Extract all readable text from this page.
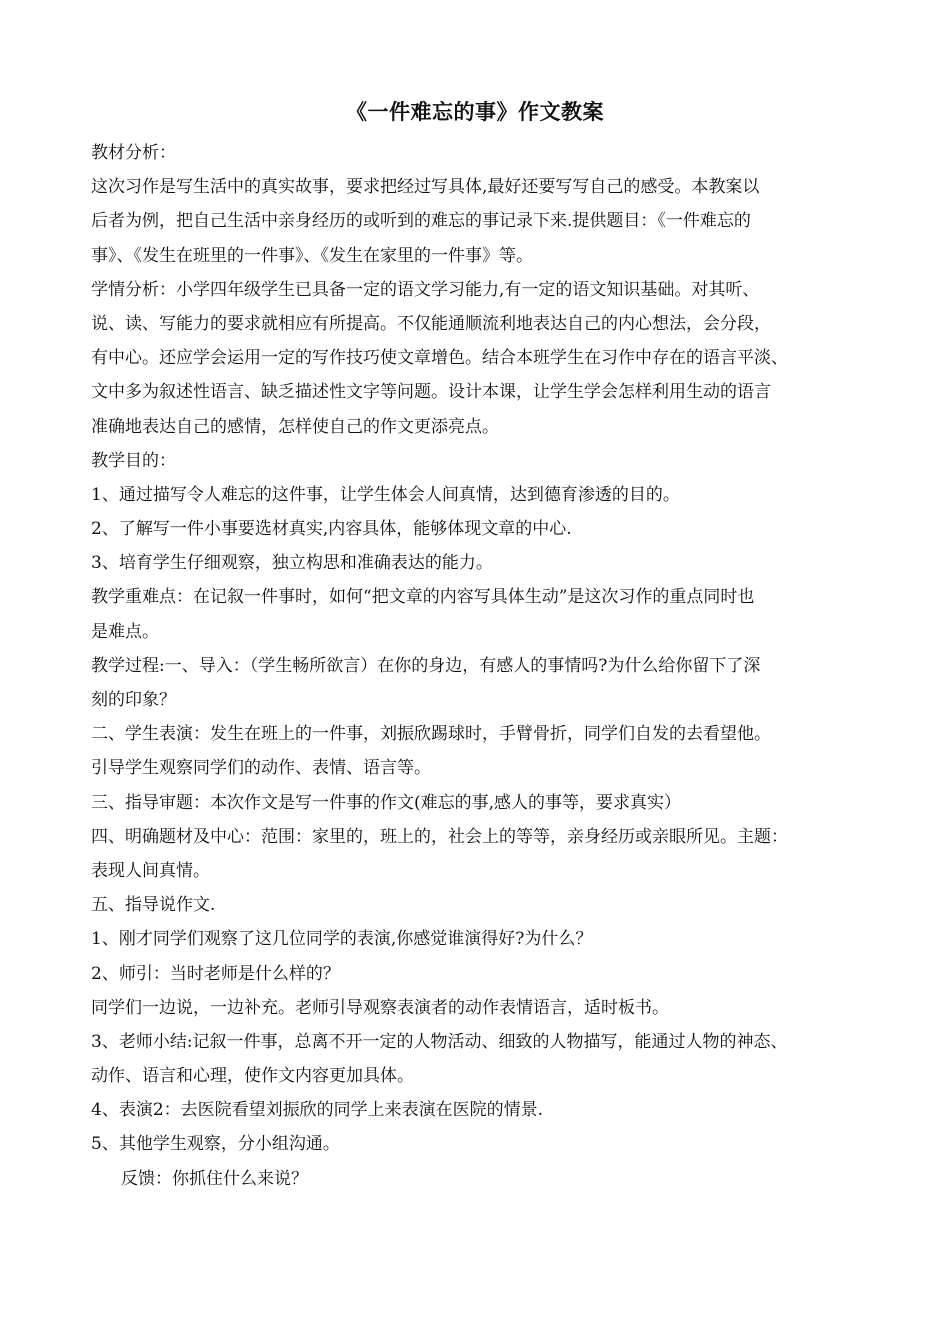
《一件难忘的事》作文教案
教材分析：
这次习作是写生活中的真实故事，要求把经过写具体,最好还要写写自己的感受。本教案以
后者为例，把自己生活中亲身经历的或听到的难忘的事记录下来.提供题目：《一件难忘的
事》、《发生在班里的一件事》、《发生在家里的一件事》等。
学情分析：小学四年级学生已具备一定的语文学习能力,有一定的语文知识基础。对其听、
说、读、写能力的要求就相应有所提高。不仅能通顺流利地表达自己的内心想法，会分段，
有中心。还应学会运用一定的写作技巧使文章增色。结合本班学生在习作中存在的语言平淡、
文中多为叙述性语言、缺乏描述性文字等问题。设计本课，让学生学会怎样利用生动的语言
准确地表达自己的感情，怎样使自己的作文更添亮点。
教学目的：
1、通过描写令人难忘的这件事，让学生体会人间真情，达到德育渗透的目的。
2、了解写一件小事要选材真实,内容具体，能够体现文章的中心.
3、培育学生仔细观察，独立构思和准确表达的能力。
教学重难点：在记叙一件事时，如何“把文章的内容写具体生动”是这次习作的重点同时也
是难点。
教学过程:一、导入：（学生畅所欲言）在你的身边，有感人的事情吗?为什么给你留下了深
刻的印象？
二、学生表演：发生在班上的一件事，刘振欣踢球时，手臂骨折，同学们自发的去看望他。
引导学生观察同学们的动作、表情、语言等。
三、指导审题：本次作文是写一件事的作文(难忘的事,感人的事等，要求真实）
四、明确题材及中心：范围：家里的，班上的，社会上的等等，亲身经历或亲眼所见。主题：
表现人间真情。
五、指导说作文.
1、刚才同学们观察了这几位同学的表演,你感觉谁演得好?为什么？
2、师引：当时老师是什么样的？
同学们一边说，一边补充。老师引导观察表演者的动作表情语言，适时板书。
3、老师小结:记叙一件事，总离不开一定的人物活动、细致的人物描写，能通过人物的神态、
动作、语言和心理，使作文内容更加具体。
4、表演2：去医院看望刘振欣的同学上来表演在医院的情景.
5、其他学生观察，分小组沟通。
反馈：你抓住什么来说？
